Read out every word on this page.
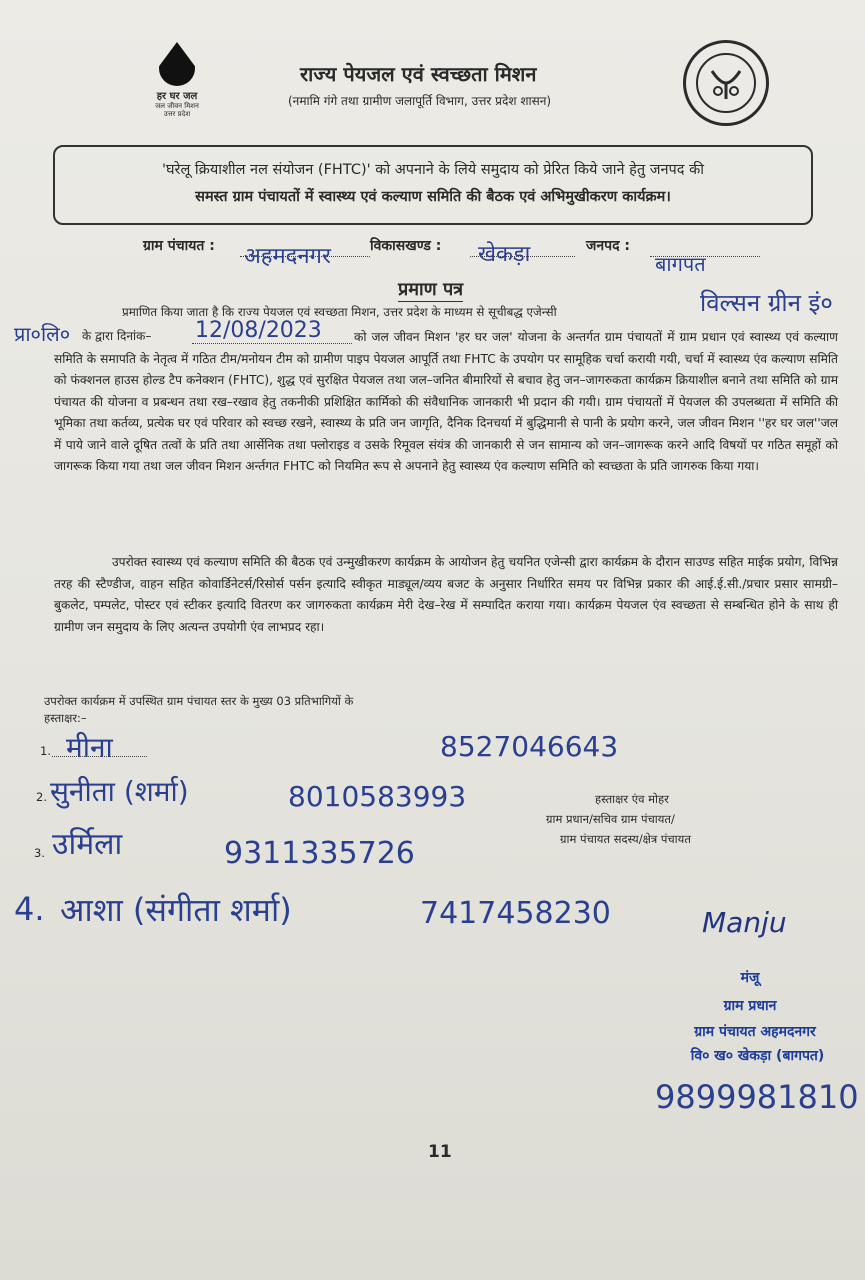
हर घर जल
जल जीवन मिशन
उत्तर प्रदेश
राज्य पेयजल एवं स्वच्छता मिशन
(नमामि गंगे तथा ग्रामीण जलापूर्ति विभाग, उत्तर प्रदेश शासन)
'घरेलू क्रियाशील नल संयोजन (FHTC)' को अपनाने के लिये समुदाय को प्रेरित किये जाने हेतु जनपद की
समस्त ग्राम पंचायतों में स्वास्थ्य एवं कल्याण समिति की बैठक एवं अभिमुखीकरण कार्यक्रम।
ग्राम पंचायत : अहमदनगर	विकासखण्ड : खेकड़ा	जनपद :
बागपत
प्रमाण पत्र
प्रमाणित किया जाता है कि राज्य पेयजल एवं स्वच्छता मिशन, उत्तर प्रदेश के माध्यम से सूचीबद्ध एजेन्सी	विल्सन ग्रीन इं०
प्रा०लि० के द्वारा दिनांक– 12/08/2023	को जल जीवन मिशन 'हर घर जल' योजना के अन्तर्गत ग्राम पंचायतों में ग्राम प्रधान एवं स्वास्थ्य एवं कल्याण समिति के समापति के नेतृत्व में गठित टीम/मनोयन टीम को ग्रामीण पाइप पेयजल आपूर्ति तथा FHTC के उपयोग पर सामूहिक चर्चा करायी गयी, चर्चा में स्वास्थ्य एंव कल्याण समिति को फंक्शनल हाउस होल्ड टैप कनेक्शन (FHTC), शुद्ध एवं सुरक्षित पेयजल तथा जल–जनित बीमारियों से बचाव हेतु जन–जागरुकता कार्यक्रम क्रियाशील बनाने तथा समिति को ग्राम पंचायत की योजना व प्रबन्धन तथा रख–रखाव हेतु तकनीकी प्रशिक्षित कार्मिको की संवैधानिक जानकारी भी प्रदान की गयी। ग्राम पंचायतों में पेयजल की उपलब्धता में समिति की भूमिका तथा कर्तव्य, प्रत्येक घर एवं परिवार को स्वच्छ रखने, स्वास्थ्य के प्रति जन जागृति, दैनिक दिनचर्या में बुद्धिमानी से पानी के प्रयोग करने, जल जीवन मिशन ''हर घर जल''जल में पाये जाने वाले दूषित तत्वों के प्रति तथा आर्सेनिक तथा फ्लोराइड व उसके रिमूवल संयंत्र की जानकारी से जन सामान्य को जन–जागरूक करने आदि विषयों पर गठित समूहों को जागरूक किया गया तथा जल जीवन मिशन अर्न्तगत FHTC को नियमित रूप से अपनाने हेतु स्वास्थ्य एंव कल्याण समिति को स्वच्छता के प्रति जागरुक किया गया।
उपरोक्त स्वास्थ्य एवं कल्याण समिति की बैठक एवं उन्मुखीकरण कार्यक्रम के आयोजन हेतु चयनित एजेन्सी द्वारा कार्यक्रम के दौरान साउण्ड सहित माईक प्रयोग, विभिन्न तरह की स्टैण्डीज, वाहन सहित कोवार्डिनेटर्स/रिसोर्स पर्सन इत्यादि स्वीकृत माड्यूल/व्यय बजट के अनुसार निर्धारित समय पर विभिन्न प्रकार की आई.ई.सी./प्रचार प्रसार सामग्री–बुकलेट, पम्पलेट, पोस्टर एवं स्टीकर इत्यादि वितरण कर जागरुकता कार्यक्रम मेरी देख–रेख में सम्पादित कराया गया। कार्यक्रम पेयजल एंव स्वच्छता से सम्बन्धित होने के साथ ही ग्रामीण जन समुदाय के लिए अत्यन्त उपयोगी एंव लाभप्रद रहा।
उपरोक्त कार्यक्रम में उपस्थित ग्राम पंचायत स्तर के मुख्य 03 प्रतिभागियों के
हस्ताक्षर:–
1. मीना	8527046643
2. सुनीता (शर्मा)	8010583993
3. उर्मिला	9311335726
4. आशा (संगीता शर्मा)	7417458230
हस्ताक्षर एंव मोहर
ग्राम प्रधान/सचिव ग्राम पंचायत/
ग्राम पंचायत सदस्य/क्षेत्र पंचायत
Manju
मंजू
ग्राम प्रधान
ग्राम पंचायत अहमदनगर
वि० ख० खेकड़ा (बागपत)
9899981810
11
